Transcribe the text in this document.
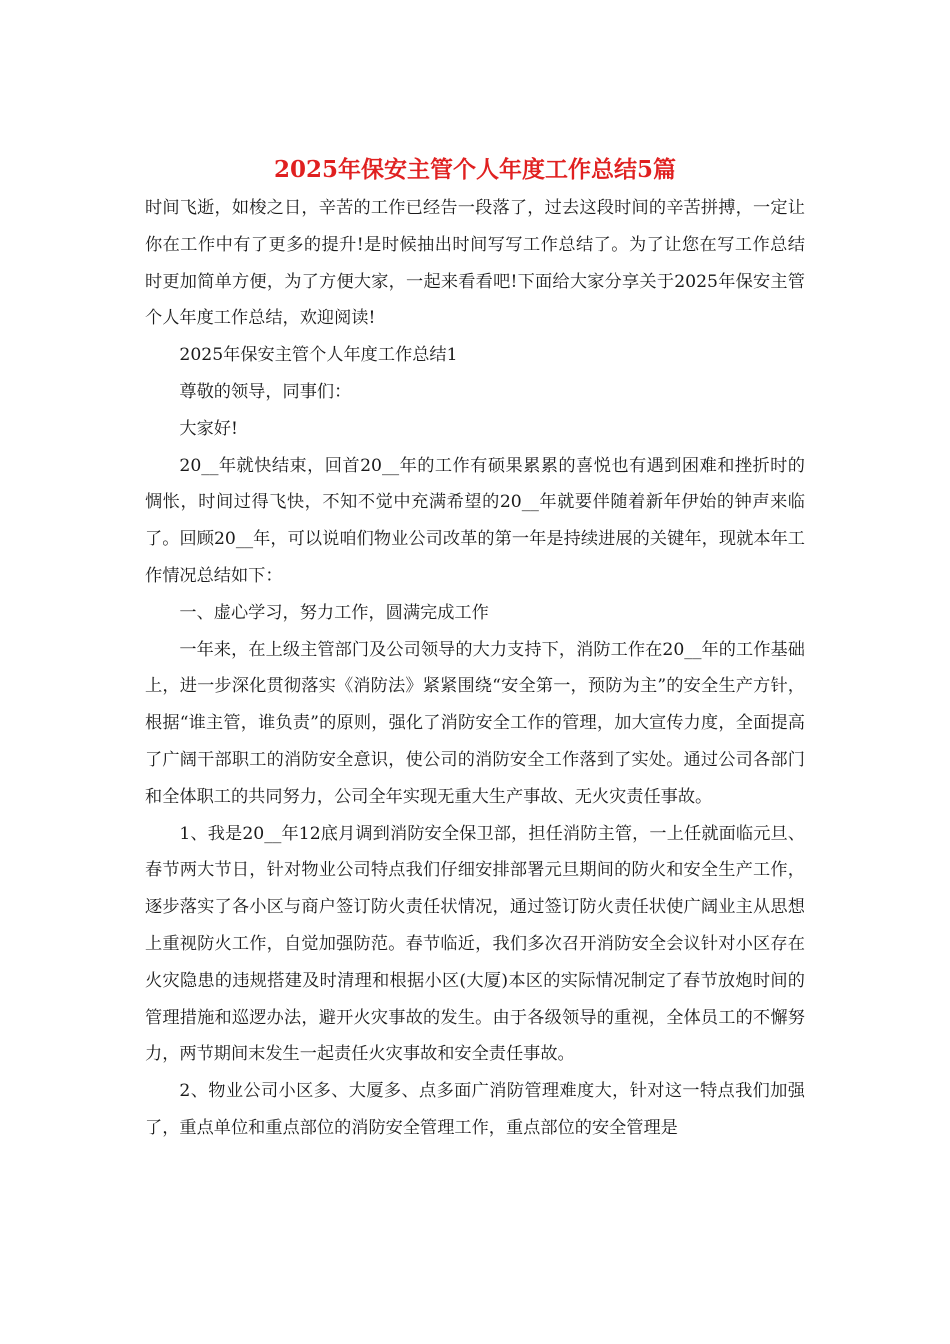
2025年保安主管个人年度工作总结5篇

时间飞逝，如梭之日，辛苦的工作已经告一段落了，过去这段时间的辛苦拼搏，一定让你在工作中有了更多的提升!是时候抽出时间写写工作总结了。为了让您在写工作总结时更加简单方便，为了方便大家，一起来看看吧!下面给大家分享关于2025年保安主管个人年度工作总结，欢迎阅读!

2025年保安主管个人年度工作总结1

尊敬的领导，同事们：

大家好!

20__年就快结束，回首20__年的工作有硕果累累的喜悦也有遇到困难和挫折时的惆怅，时间过得飞快，不知不觉中充满希望的20__年就要伴随着新年伊始的钟声来临了。回顾20__年，可以说咱们物业公司改革的第一年是持续进展的关键年，现就本年工作情况总结如下：

一、虚心学习，努力工作，圆满完成工作

一年来，在上级主管部门及公司领导的大力支持下，消防工作在20__年的工作基础上，进一步深化贯彻落实《消防法》紧紧围绕“安全第一，预防为主”的安全生产方针，根据“谁主管，谁负责”的原则，强化了消防安全工作的管理，加大宣传力度，全面提高了广阔干部职工的消防安全意识，使公司的消防安全工作落到了实处。通过公司各部门和全体职工的共同努力，公司全年实现无重大生产事故、无火灾责任事故。

1、我是20__年12底月调到消防安全保卫部，担任消防主管，一上任就面临元旦、春节两大节日，针对物业公司特点我们仔细安排部署元旦期间的防火和安全生产工作，逐步落实了各小区与商户签订防火责任状情况，通过签订防火责任状使广阔业主从思想上重视防火工作，自觉加强防范。春节临近，我们多次召开消防安全会议针对小区存在火灾隐患的违规搭建及时清理和根据小区(大厦)本区的实际情况制定了春节放炮时间的管理措施和巡逻办法，避开火灾事故的发生。由于各级领导的重视，全体员工的不懈努力，两节期间末发生一起责任火灾事故和安全责任事故。

2、物业公司小区多、大厦多、点多面广消防管理难度大，针对这一特点我们加强了，重点单位和重点部位的消防安全管理工作，重点部位的安全管理是
